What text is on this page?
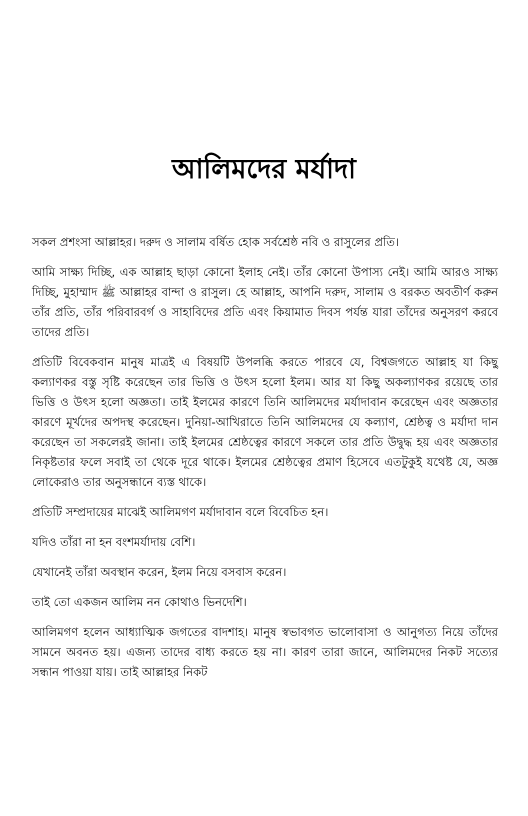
আলিমদের মর্যাদা

সকল প্রশংসা আল্লাহর। দরুদ ও সালাম বর্ষিত হোক সর্বশ্রেষ্ঠ নবি ও রাসুলের প্রতি।

আমি সাক্ষ্য দিচ্ছি, এক আল্লাহ ছাড়া কোনো ইলাহ নেই। তাঁর কোনো উপাস্য নেই। আমি আরও সাক্ষ্য দিচ্ছি, মুহাম্মাদ ﷺ আল্লাহর বান্দা ও রাসুল। হে আল্লাহ, আপনি দরুদ, সালাম ও বরকত অবতীর্ণ করুন তাঁর প্রতি, তাঁর পরিবারবর্গ ও সাহাবিদের প্রতি এবং কিয়ামাত দিবস পর্যন্ত যারা তাঁদের অনুসরণ করবে তাদের প্রতি।

প্রতিটি বিবেকবান মানুষ মাত্রই এ বিষয়টি উপলব্ধি করতে পারবে যে, বিশ্বজগতে আল্লাহ যা কিছু কল্যাণকর বস্তু সৃষ্টি করেছেন তার ভিত্তি ও উৎস হলো ইলম। আর যা কিছু অকল্যাণকর রয়েছে তার ভিত্তি ও উৎস হলো অজ্ঞতা। তাই ইলমের কারণে তিনি আলিমদের মর্যাদাবান করেছেন এবং অজ্ঞতার কারণে মূর্খদের অপদস্থ করেছেন। দুনিয়া-আখিরাতে তিনি আলিমদের যে কল্যাণ, শ্রেষ্ঠত্ব ও মর্যাদা দান করেছেন তা সকলেরই জানা। তাই ইলমের শ্রেষ্ঠত্বের কারণে সকলে তার প্রতি উদ্বুদ্ধ হয় এবং অজ্ঞতার নিকৃষ্টতার ফলে সবাই তা থেকে দূরে থাকে। ইলমের শ্রেষ্ঠত্বের প্রমাণ হিসেবে এতটুকুই যথেষ্ট যে, অজ্ঞ লোকেরাও তার অনুসন্ধানে ব্যস্ত থাকে।

প্রতিটি সম্প্রদায়ের মাঝেই আলিমগণ মর্যাদাবান বলে বিবেচিত হন।

যদিও তাঁরা না হন বংশমর্যাদায় বেশি।

যেখানেই তাঁরা অবস্থান করেন, ইলম নিয়ে বসবাস করেন।

তাই তো একজন আলিম নন কোথাও ভিনদেশি।

আলিমগণ হলেন আধ্যাত্মিক জগতের বাদশাহ। মানুষ স্বভাবগত ভালোবাসা ও আনুগত্য নিয়ে তাঁদের সামনে অবনত হয়। এজন্য তাদের বাধ্য করতে হয় না। কারণ তারা জানে, আলিমদের নিকট সত্যের সন্ধান পাওয়া যায়। তাই আল্লাহর নিকট
